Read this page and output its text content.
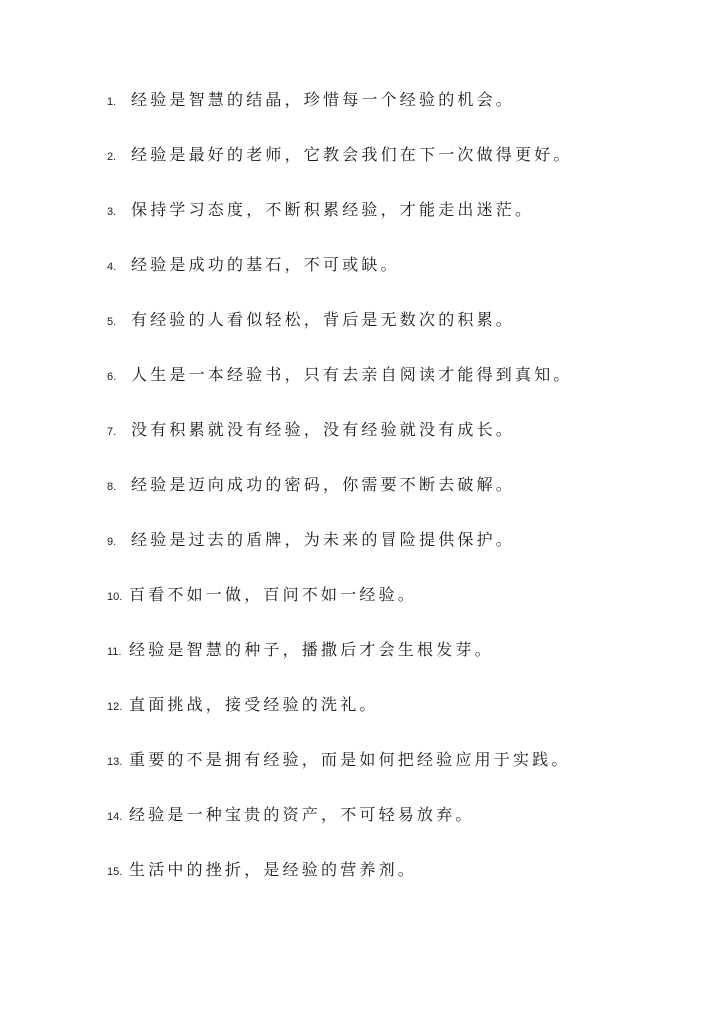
1. 经验是智慧的结晶，珍惜每一个经验的机会。
2. 经验是最好的老师，它教会我们在下一次做得更好。
3. 保持学习态度，不断积累经验，才能走出迷茫。
4. 经验是成功的基石，不可或缺。
5. 有经验的人看似轻松，背后是无数次的积累。
6. 人生是一本经验书，只有去亲自阅读才能得到真知。
7. 没有积累就没有经验，没有经验就没有成长。
8. 经验是迈向成功的密码，你需要不断去破解。
9. 经验是过去的盾牌，为未来的冒险提供保护。
10. 百看不如一做，百问不如一经验。
11. 经验是智慧的种子，播撒后才会生根发芽。
12. 直面挑战，接受经验的洗礼。
13. 重要的不是拥有经验，而是如何把经验应用于实践。
14. 经验是一种宝贵的资产，不可轻易放弃。
15. 生活中的挫折，是经验的营养剂。
